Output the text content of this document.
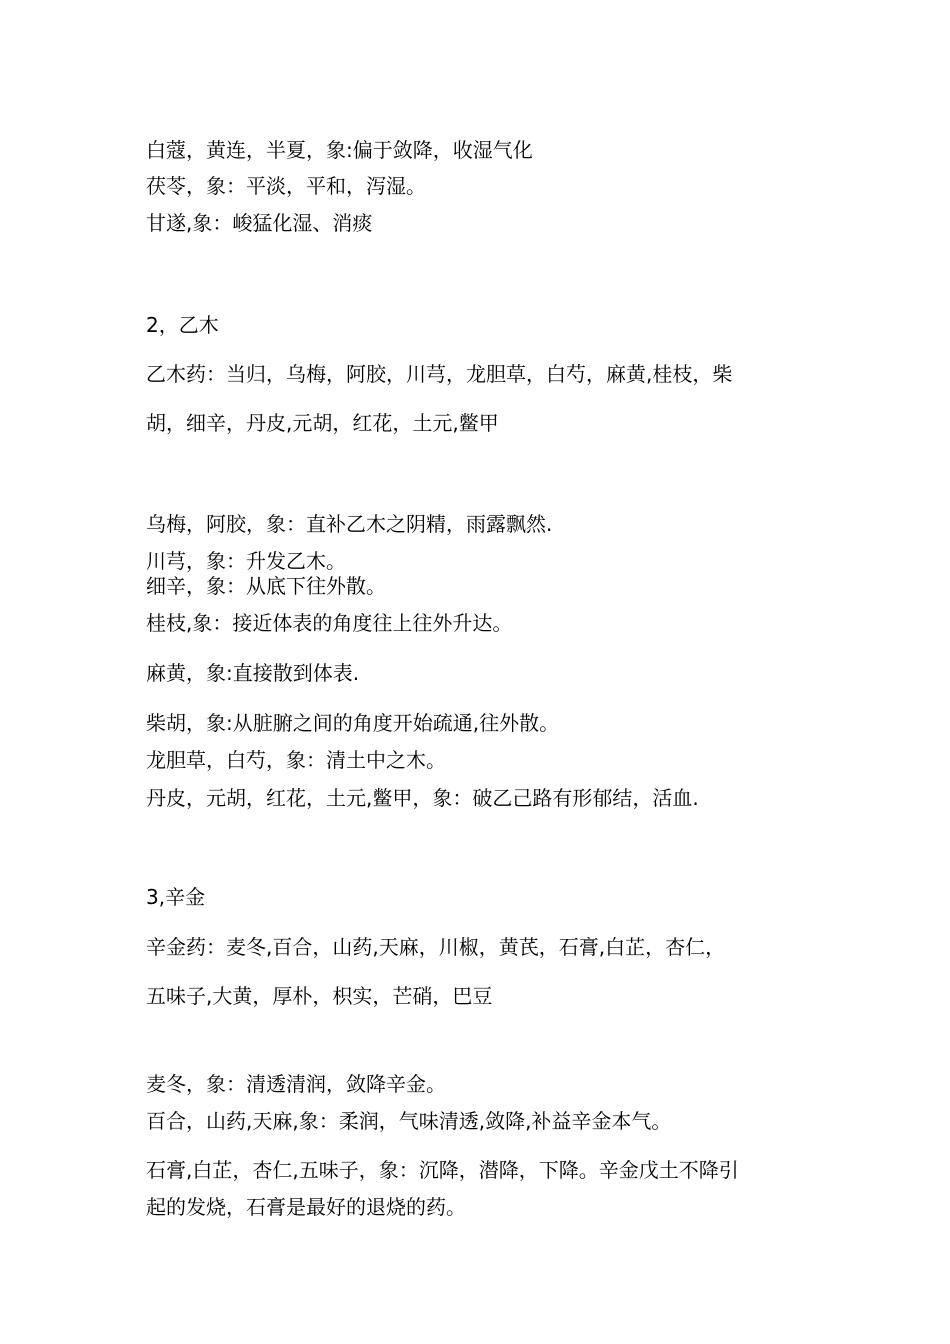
白蔻，黄连，半夏，象:偏于敛降，收湿气化
茯苓，象：平淡，平和，泻湿。
甘遂,象：峻猛化湿、消痰
2，乙木
乙木药：当归，乌梅，阿胶，川芎，龙胆草，白芍，麻黄,桂枝，柴
胡，细辛，丹皮,元胡，红花，土元,鳖甲
乌梅，阿胶，象：直补乙木之阴精，雨露飘然.
川芎，象：升发乙木。
细辛，象：从底下往外散。
桂枝,象：接近体表的角度往上往外升达。
麻黄，象:直接散到体表.
柴胡，象:从脏腑之间的角度开始疏通,往外散。
龙胆草，白芍，象：清土中之木。
丹皮，元胡，红花，土元,鳖甲，象：破乙己路有形郁结，活血.
3,辛金
辛金药：麦冬,百合，山药,天麻，川椒，黄芪，石膏,白芷，杏仁，
五味子,大黄，厚朴，枳实，芒硝，巴豆
麦冬，象：清透清润，敛降辛金。
百合，山药,天麻,象：柔润，气味清透,敛降,补益辛金本气。
石膏,白芷，杏仁,五味子，象：沉降，潜降，下降。辛金戊土不降引
起的发烧，石膏是最好的退烧的药。
